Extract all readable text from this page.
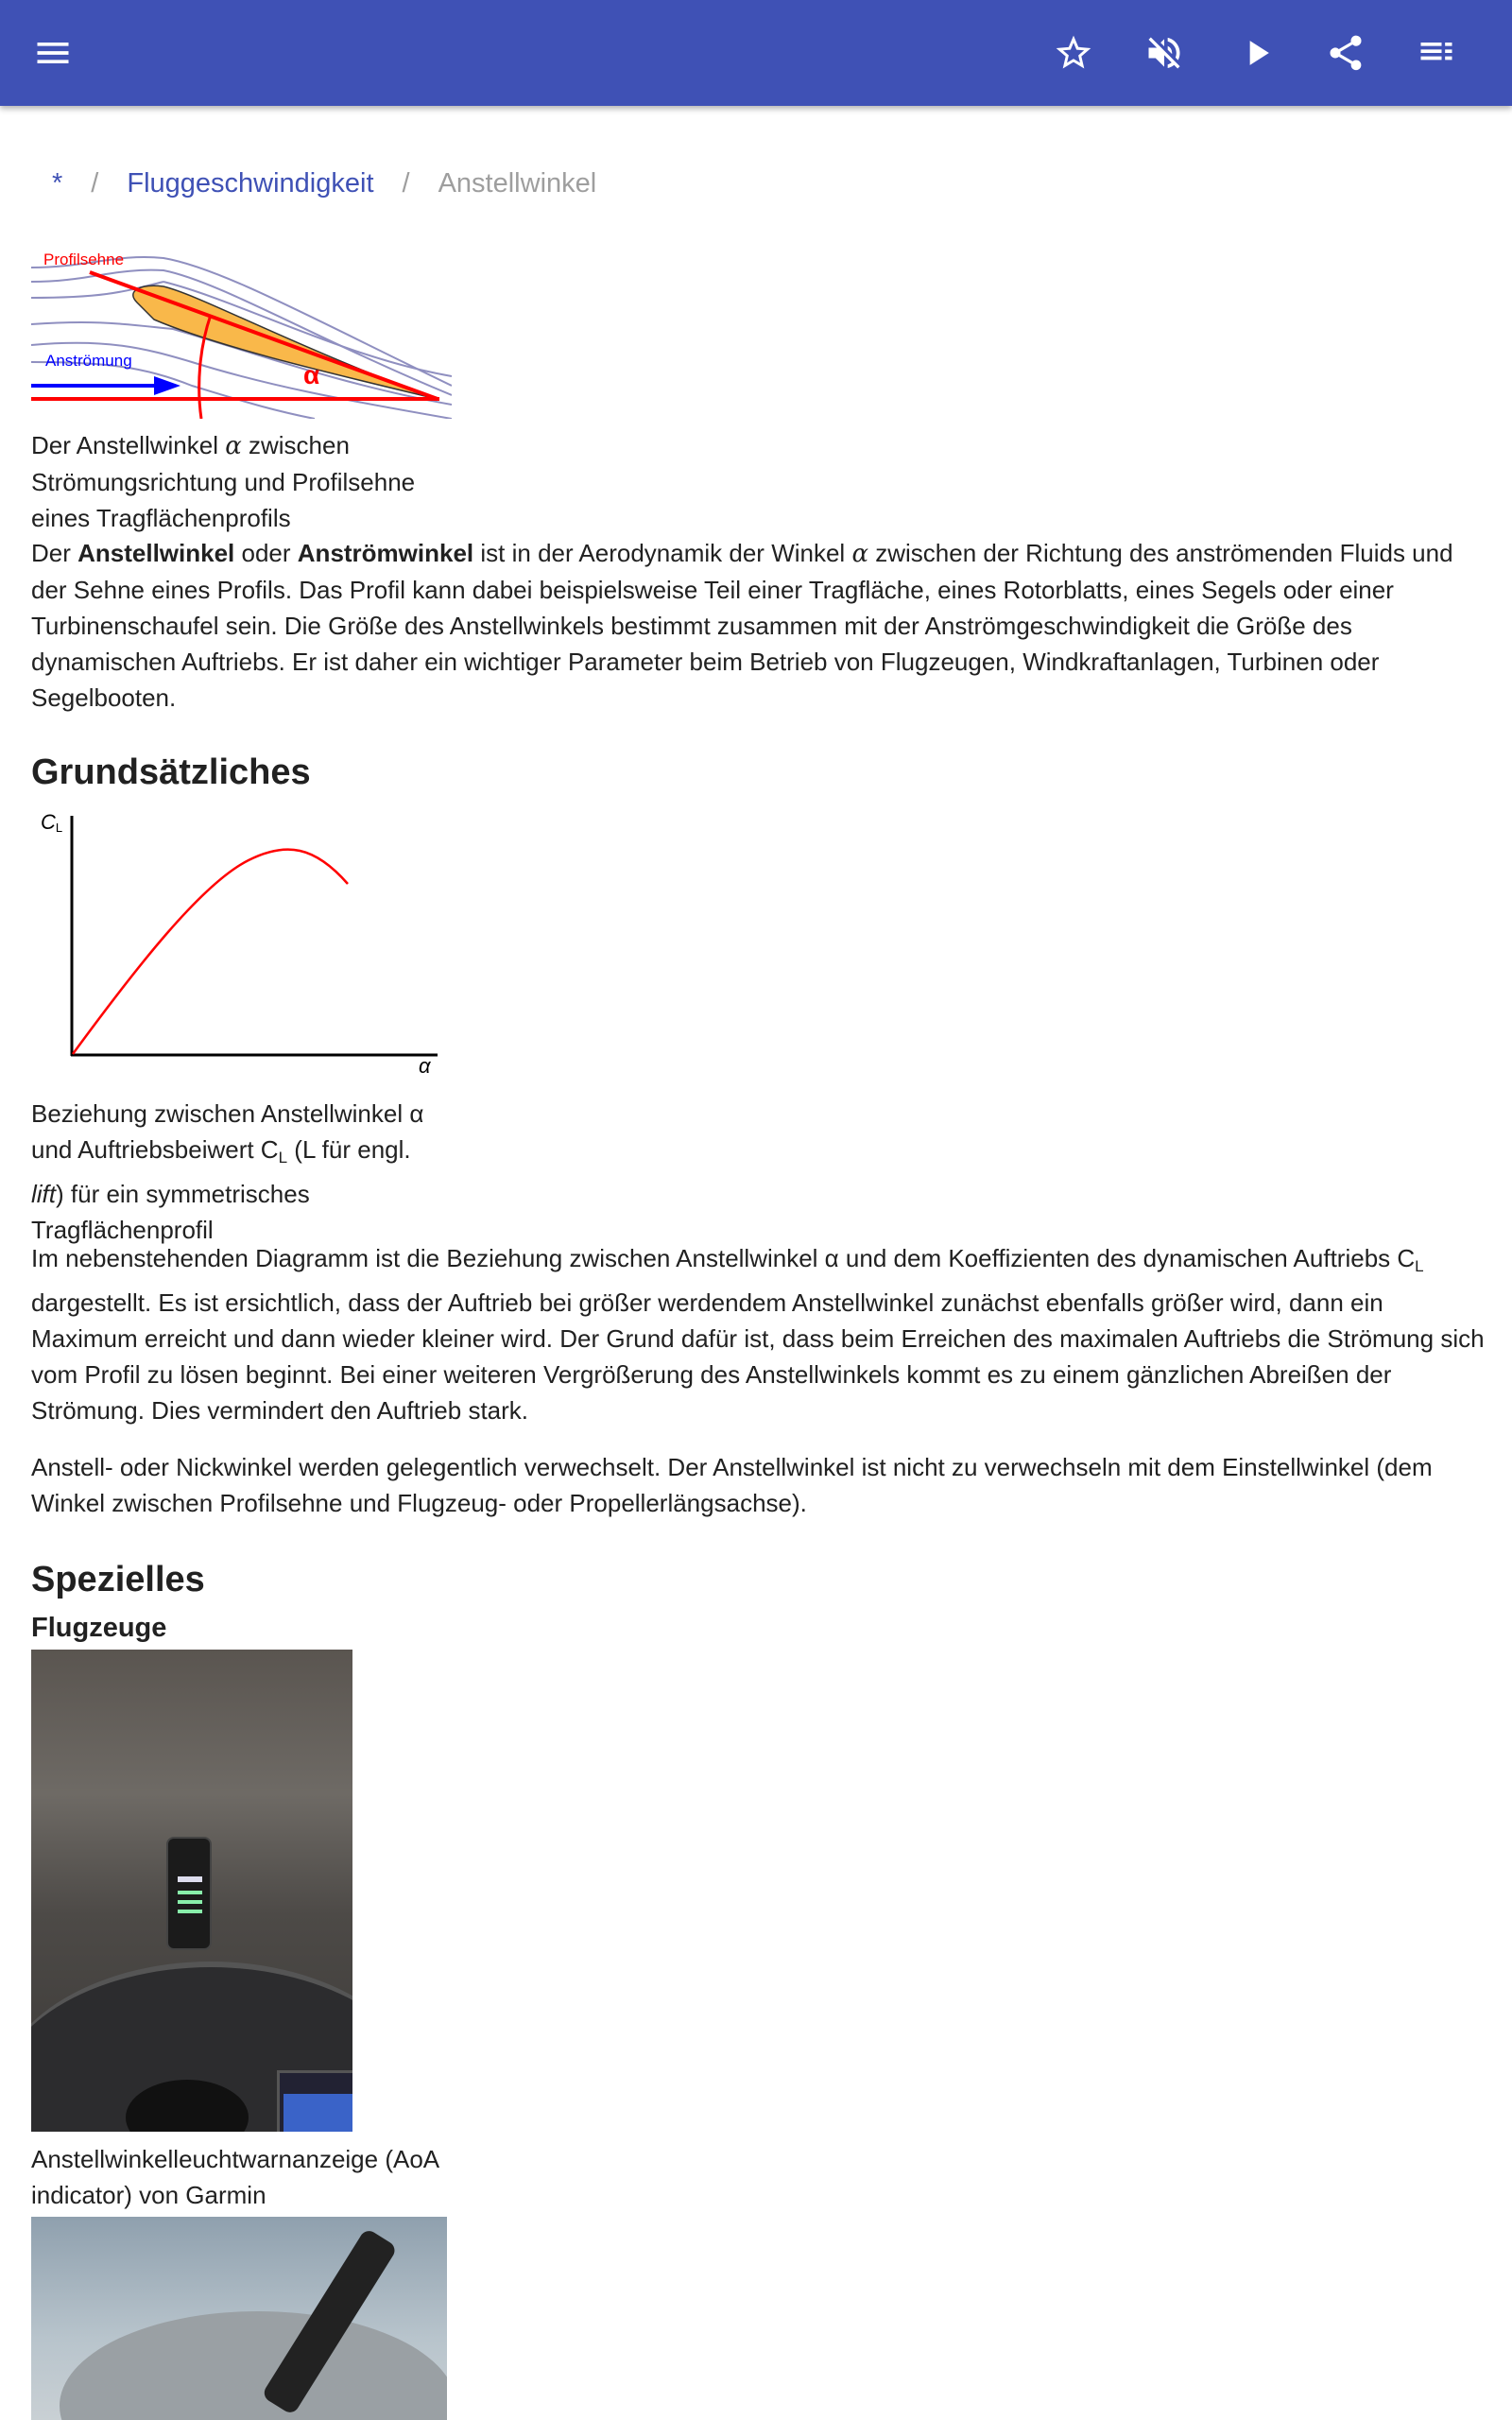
* / Fluggeschwindigkeit / Anstellwinkel
Profilsehne
Anströmung	α
Der Anstellwinkel α zwischen Strömungsrichtung und Profilsehne eines Tragflächenprofils
Der Anstellwinkel oder Anströmwinkel ist in der Aerodynamik der Winkel α zwischen der Richtung des anströmenden Fluids und der Sehne eines Profils. Das Profil kann dabei beispielsweise Teil einer Tragfläche, eines Rotorblatts, eines Segels oder einer Turbinenschaufel sein. Die Größe des Anstellwinkels bestimmt zusammen mit der Anströmgeschwindigkeit die Größe des dynamischen Auftriebs. Er ist daher ein wichtiger Parameter beim Betrieb von Flugzeugen, Windkraftanlagen, Turbinen oder Segelbooten.
Grundsätzliches
CL
α
Beziehung zwischen Anstellwinkel α und Auftriebsbeiwert $C_L$ (L für engl. lift) für ein symmetrisches Tragflächenprofil
Im nebenstehenden Diagramm ist die Beziehung zwischen Anstellwinkel α und dem Koeffizienten des dynamischen Auftriebs $C_L$ dargestellt. Es ist ersichtlich, dass der Auftrieb bei größer werdendem Anstellwinkel zunächst ebenfalls größer wird, dann ein Maximum erreicht und dann wieder kleiner wird. Der Grund dafür ist, dass beim Erreichen des maximalen Auftriebs die Strömung sich vom Profil zu lösen beginnt. Bei einer weiteren Vergrößerung des Anstellwinkels kommt es zu einem gänzlichen Abreißen der Strömung. Dies vermindert den Auftrieb stark.
Anstell- oder Nickwinkel werden gelegentlich verwechselt. Der Anstellwinkel ist nicht zu verwechseln mit dem Einstellwinkel (dem Winkel zwischen Profilsehne und Flugzeug- oder Propellerlängsachse).
Spezielles
Flugzeuge
Anstellwinkelleuchtwarnanzeige (AoA indicator) von Garmin
